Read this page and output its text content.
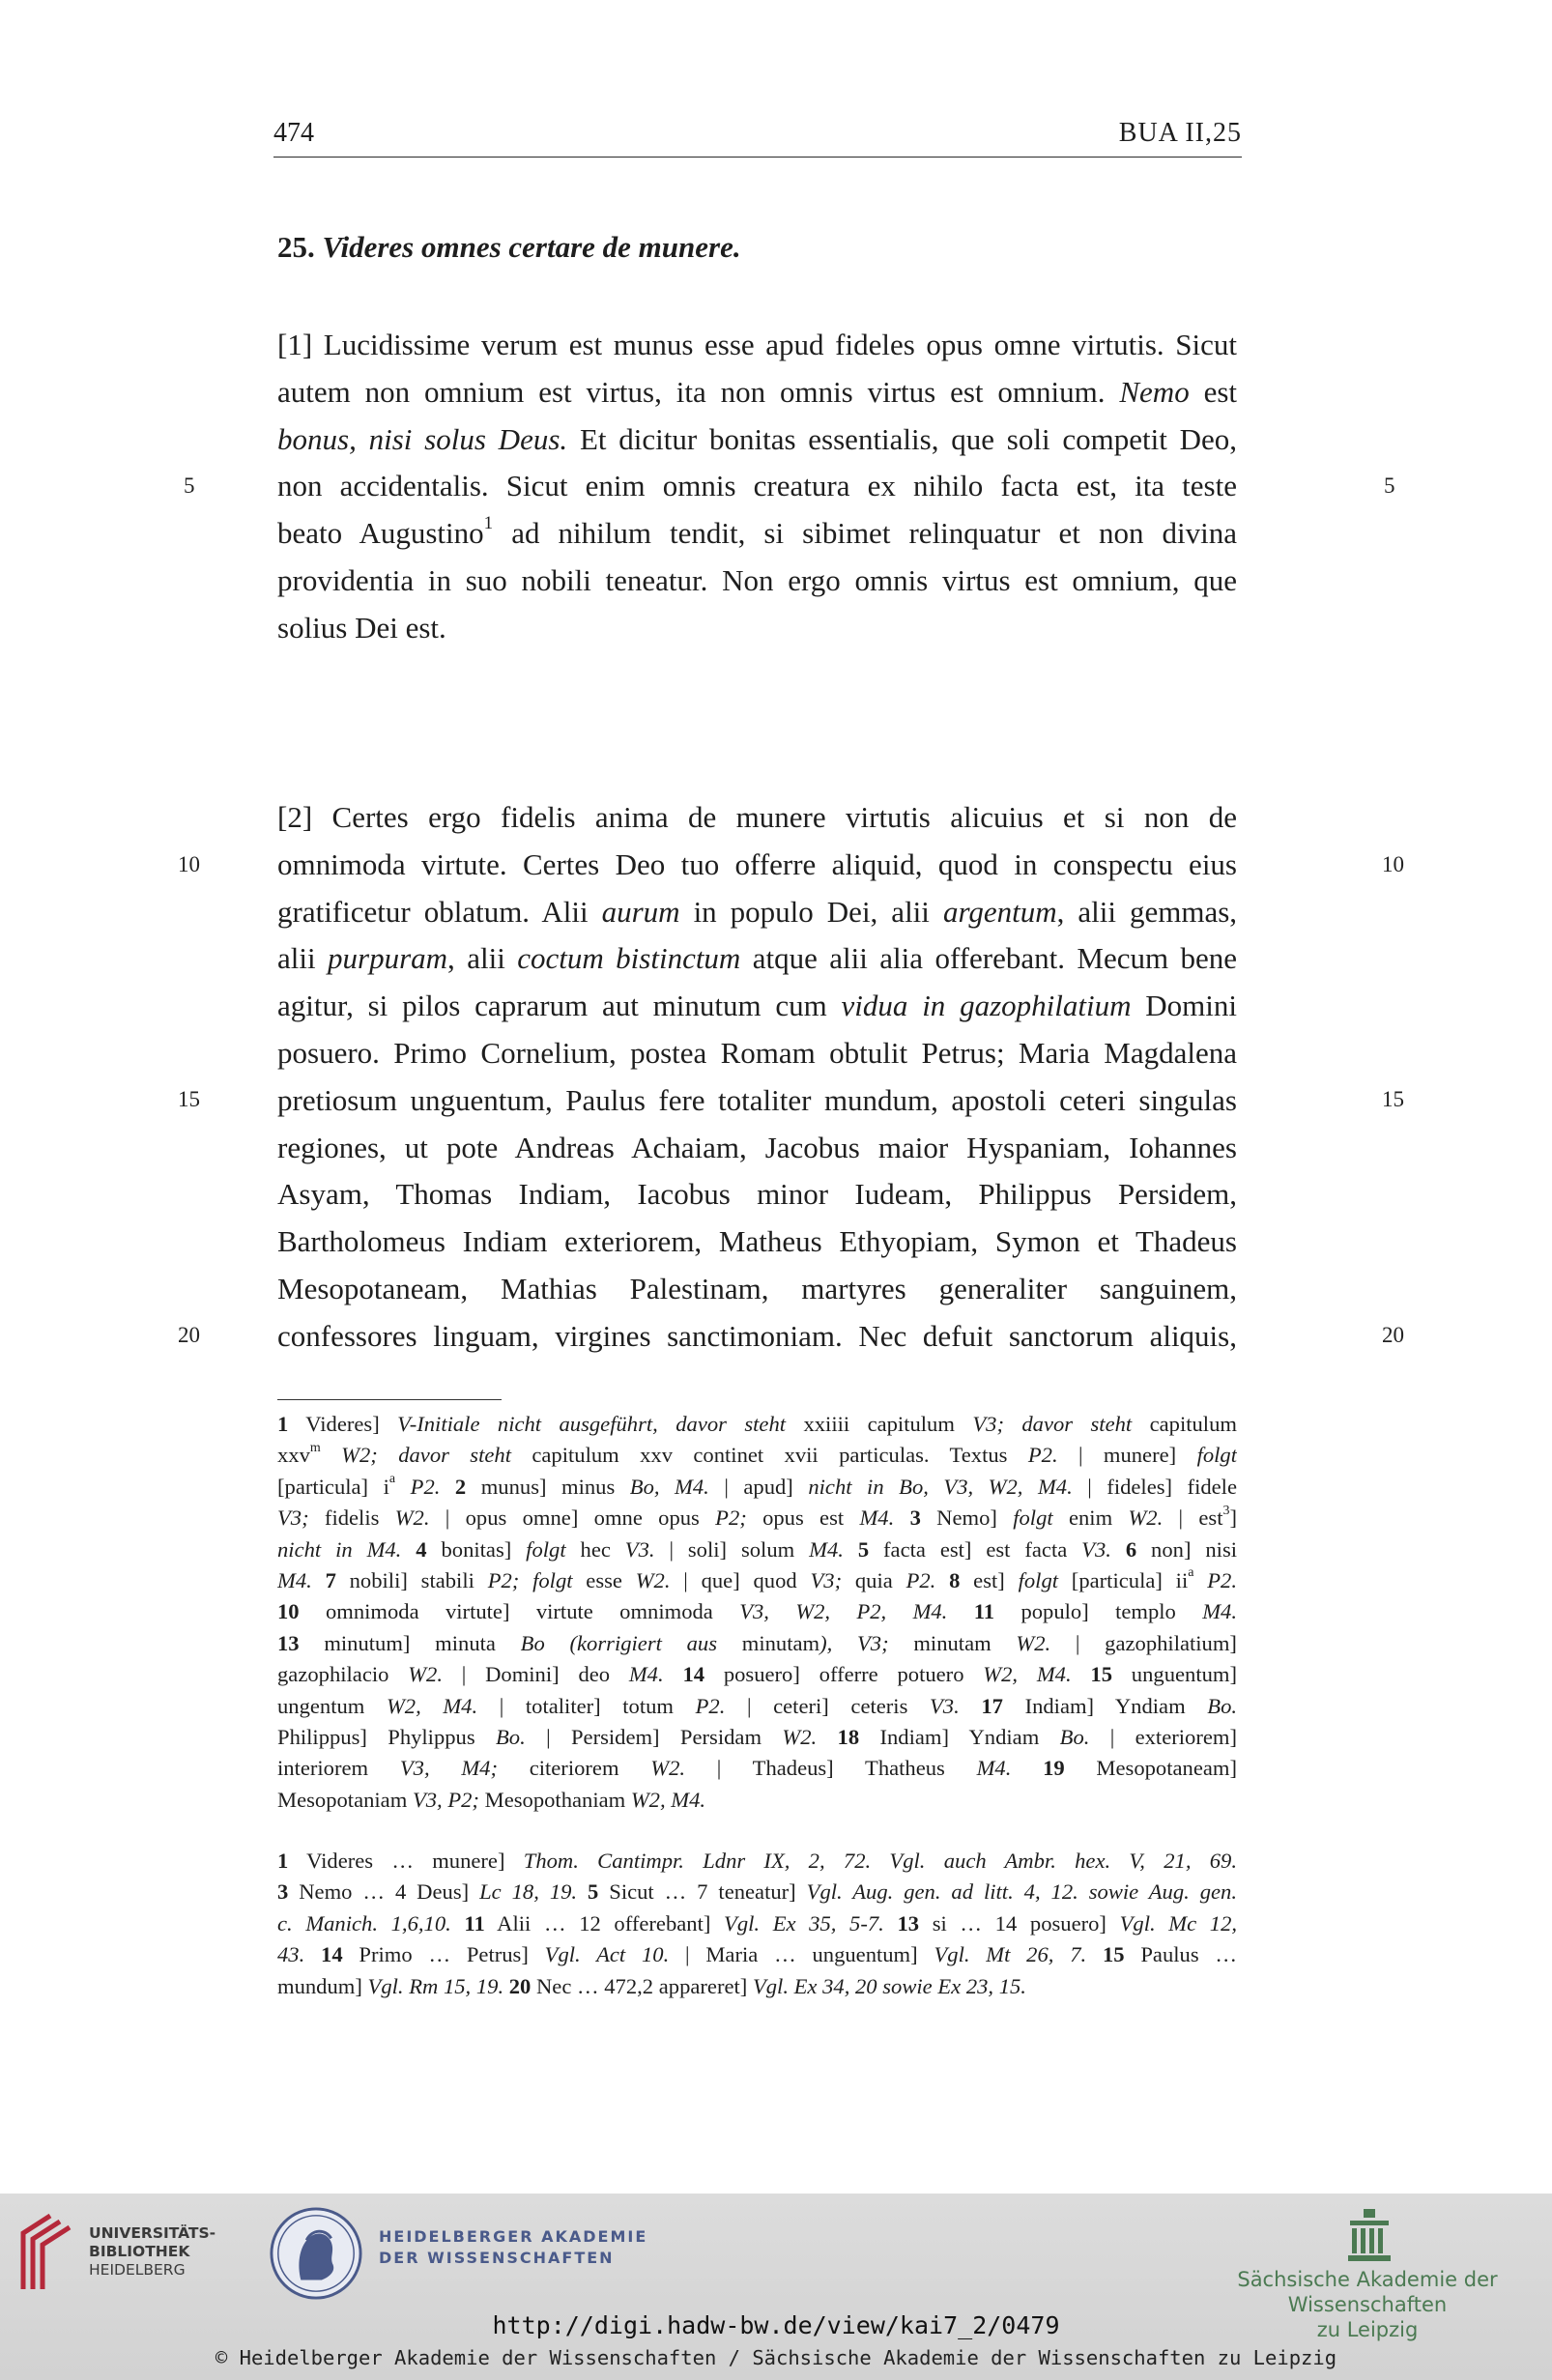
474	BUA II,25
25. Videres omnes certare de munere.
[1] Lucidissime verum est munus esse apud fideles opus omne virtutis. Sicut
autem non omnium est virtus, ita non omnis virtus est omnium. Nemo est
bonus, nisi solus Deus. Et dicitur bonitas essentialis, que soli competit Deo,
non accidentalis. Sicut enim omnis creatura ex nihilo facta est, ita teste
beato Augustino$^1$ ad nihilum tendit, si sibimet relinquatur et non divina
providentia in suo nobili teneatur. Non ergo omnis virtus est omnium, que
solius Dei est.
[2] Certes ergo fidelis anima de munere virtutis alicuius et si non de
omnimoda virtute. Certes Deo tuo offerre aliquid, quod in conspectu eius
gratificetur oblatum. Alii aurum in populo Dei, alii argentum, alii gemmas,
alii purpuram, alii coctum bistinctum atque alii alia offerebant. Mecum bene
agitur, si pilos caprarum aut minutum cum vidua in gazophilatium Domini
posuero. Primo Cornelium, postea Romam obtulit Petrus; Maria Magdalena
pretiosum unguentum, Paulus fere totaliter mundum, apostoli ceteri singulas
regiones, ut pote Andreas Achaiam, Jacobus maior Hyspaniam, Iohannes
Asyam, Thomas Indiam, Iacobus minor Iudeam, Philippus Persidem,
Bartholomeus Indiam exteriorem, Matheus Ethyopiam, Symon et Thadeus
Mesopotaneam, Mathias Palestinam, martyres generaliter sanguinem,
confessores linguam, virgines sanctimoniam. Nec defuit sanctorum aliquis,
5	5
10	10
15	15
20	20
1 Videres] V-Initiale nicht ausgeführt, davor steht xxiiii capitulum V3; davor steht capitulum
xxv$^m$ W2; davor steht capitulum xxv continet xvii particulas. Textus P2. | munere] folgt
[particula] $i^a$ P2. 2 munus] minus Bo, M4. | apud] nicht in Bo, V3, W2, M4. | fideles] fidele
V3; fidelis W2. | opus omne] omne opus P2; opus est M4. 3 Nemo] folgt enim W2. | est$^3$]
nicht in M4. 4 bonitas] folgt hec V3. | soli] solum M4. 5 facta est] est facta V3. 6 non] nisi
M4. 7 nobili] stabili P2; folgt esse W2. | que] quod V3; quia P2. 8 est] folgt [particula] $ii^a$ P2.
10 omnimoda virtute] virtute omnimoda V3, W2, P2, M4. 11 populo] templo M4.
13 minutum] minuta Bo (korrigiert aus minutam), V3; minutam W2. | gazophilatium]
gazophilacio W2. | Domini] deo M4. 14 posuero] offerre potuero W2, M4. 15 unguentum]
ungentum W2, M4. | totaliter] totum P2. | ceteri] ceteris V3. 17 Indiam] Yndiam Bo.
Philippus] Phylippus Bo. | Persidem] Persidam W2. 18 Indiam] Yndiam Bo. | exteriorem]
interiorem V3, M4; citeriorem W2. | Thadeus] Thatheus M4. 19 Mesopotaneam]
Mesopotaniam V3, P2; Mesopothaniam W2, M4.
1 Videres … munere] Thom. Cantimpr. Ldnr IX, 2, 72. Vgl. auch Ambr. hex. V, 21, 69.
3 Nemo … 4 Deus] Lc 18, 19. 5 Sicut … 7 teneatur] Vgl. Aug. gen. ad litt. 4, 12. sowie Aug. gen.
c. Manich. 1,6,10. 11 Alii … 12 offerebant] Vgl. Ex 35, 5-7. 13 si … 14 posuero] Vgl. Mc 12,
43. 14 Primo … Petrus] Vgl. Act 10. | Maria … unguentum] Vgl. Mt 26, 7. 15 Paulus …
mundum] Vgl. Rm 15, 19. 20 Nec … 472,2 appareret] Vgl. Ex 34, 20 sowie Ex 23, 15.
UNIVERSITÄTS-
BIBLIOTHEK
HEIDELBERG
HEIDELBERGER AKADEMIE
DER WISSENSCHAFTEN
Sächsische Akademie der Wissenschaften
zu Leipzig
http://digi.hadw-bw.de/view/kai7_2/0479
© Heidelberger Akademie der Wissenschaften / Sächsische Akademie der Wissenschaften zu Leipzig
